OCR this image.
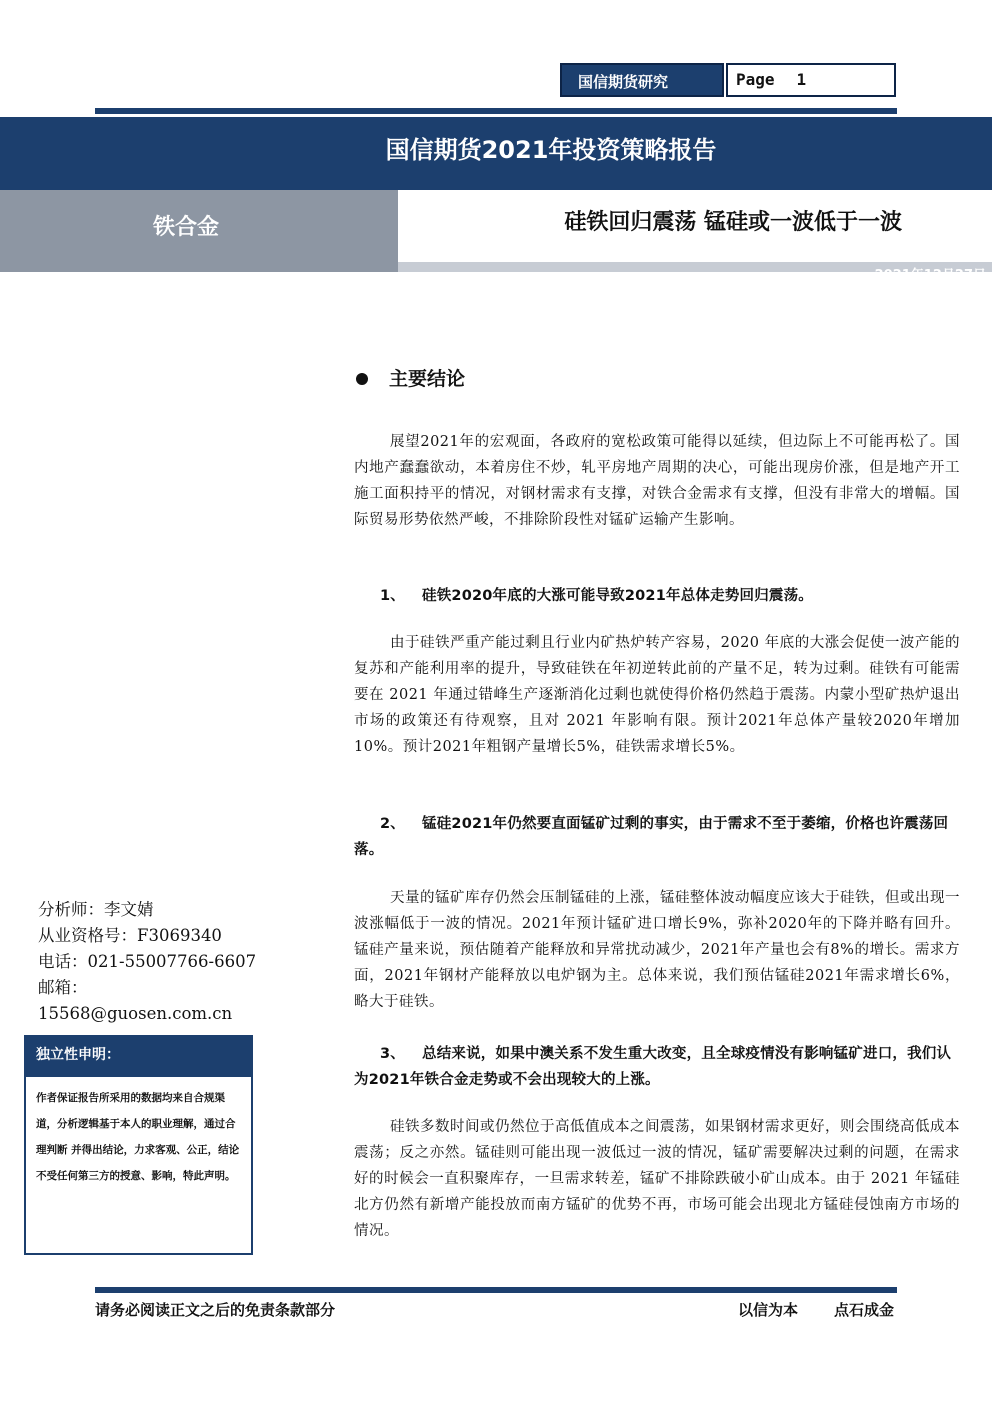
国信期货研究	Page 1
国信期货2021年投资策略报告
铁合金	硅铁回归震荡 锰硅或一波低于一波
2021年12月27日
主要结论
展望2021年的宏观面，各政府的宽松政策可能得以延续，但边际上不可能再松了。国内地产蠢蠢欲动，本着房住不炒，轧平房地产周期的决心，可能出现房价涨，但是地产开工施工面积持平的情况，对钢材需求有支撑，对铁合金需求有支撑，但没有非常大的增幅。国际贸易形势依然严峻，不排除阶段性对锰矿运输产生影响。
1、 硅铁2020年底的大涨可能导致2021年总体走势回归震荡。
由于硅铁严重产能过剩且行业内矿热炉转产容易，2020 年底的大涨会促使一波产能的复苏和产能利用率的提升，导致硅铁在年初逆转此前的产量不足，转为过剩。硅铁有可能需要在 2021 年通过错峰生产逐渐消化过剩也就使得价格仍然趋于震荡。内蒙小型矿热炉退出市场的政策还有待观察，且对 2021 年影响有限。预计2021年总体产量较2020年增加10%。预计2021年粗钢产量增长5%，硅铁需求增长5%。
2、 锰硅2021年仍然要直面锰矿过剩的事实，由于需求不至于萎缩，价格也许震荡回落。
天量的锰矿库存仍然会压制锰硅的上涨，锰硅整体波动幅度应该大于硅铁，但或出现一波涨幅低于一波的情况。2021年预计锰矿进口增长9%，弥补2020年的下降并略有回升。锰硅产量来说，预估随着产能释放和异常扰动减少，2021年产量也会有8%的增长。需求方面，2021年钢材产能释放以电炉钢为主。总体来说，我们预估锰硅2021年需求增长6%，略大于硅铁。
3、 总结来说，如果中澳关系不发生重大改变，且全球疫情没有影响锰矿进口，我们认为2021年铁合金走势或不会出现较大的上涨。
硅铁多数时间或仍然位于高低值成本之间震荡，如果钢材需求更好，则会围绕高低成本震荡；反之亦然。锰硅则可能出现一波低过一波的情况，锰矿需要解决过剩的问题，在需求好的时候会一直积聚库存，一旦需求转差，锰矿不排除跌破小矿山成本。由于 2021 年锰硅北方仍然有新增产能投放而南方锰矿的优势不再，市场可能会出现北方锰硅侵蚀南方市场的情况。
分析师：李文婧
从业资格号：F3069340
电话：021-55007766-6607
邮箱：15568@guosen.com.cn
独立性申明：
作者保证报告所采用的数据均来自合规渠道，分析逻辑基于本人的职业理解，通过合理判断 并得出结论，力求客观、公正，结论不受任何第三方的授意、影响，特此声明。
请务必阅读正文之后的免责条款部分	以信为本 点石成金
